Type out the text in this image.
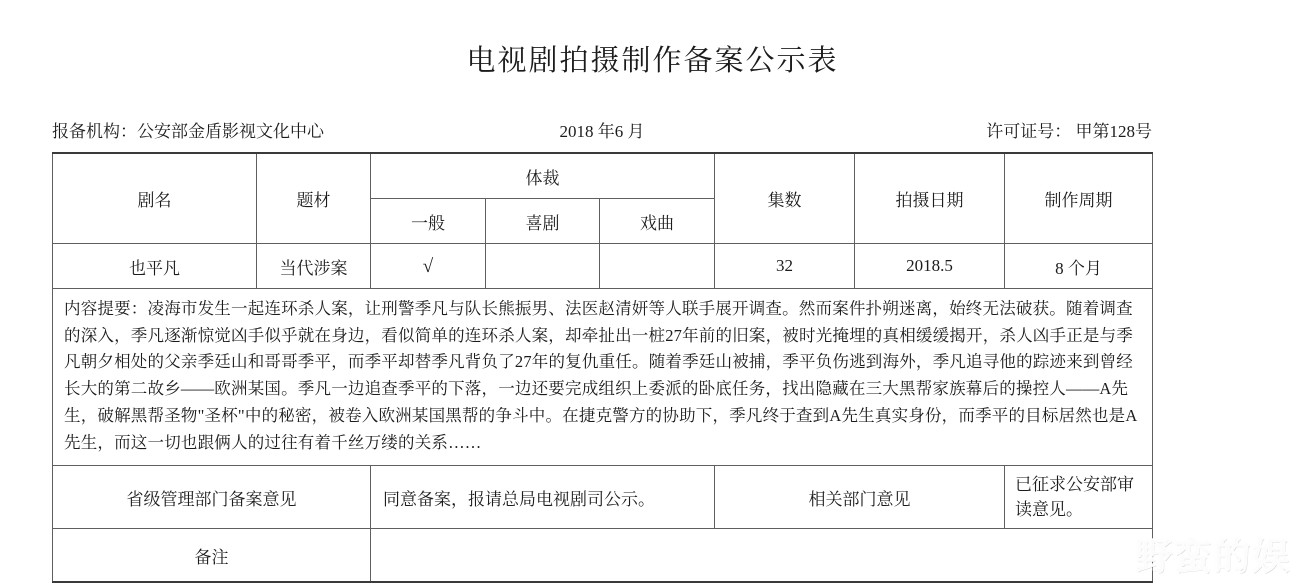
电视剧拍摄制作备案公示表
报备机构：公安部金盾影视文化中心	2018 年6 月	许可证号： 甲第128号
剧名	题材	体裁			集数	拍摄日期	制作周期
		一般	喜剧	戏曲			
也平凡	当代涉案	√			32	2018.5	8 个月
内容提要：凌海市发生一起连环杀人案，让刑警季凡与队长熊振男、法医赵清妍等人联手展开调查。然而案件扑朔迷离，始终无法破获。随着调查的深入，季凡逐渐惊觉凶手似乎就在身边，看似简单的连环杀人案，却牵扯出一桩27年前的旧案，被时光掩埋的真相缓缓揭开，杀人凶手正是与季凡朝夕相处的父亲季廷山和哥哥季平，而季平却替季凡背负了27年的复仇重任。随着季廷山被捕，季平负伤逃到海外，季凡追寻他的踪迹来到曾经长大的第二故乡——欧洲某国。季凡一边追查季平的下落，一边还要完成组织上委派的卧底任务，找出隐藏在三大黑帮家族幕后的操控人——A先生，破解黑帮圣物"圣杯"中的秘密，被卷入欧洲某国黑帮的争斗中。在捷克警方的协助下，季凡终于查到A先生真实身份，而季平的目标居然也是A先生，而这一切也跟俩人的过往有着千丝万缕的关系……							
省级管理部门备案意见		同意备案，报请总局电视剧司公示。			相关部门意见		已征求公安部审读意见。
备注								野蛮的娱
